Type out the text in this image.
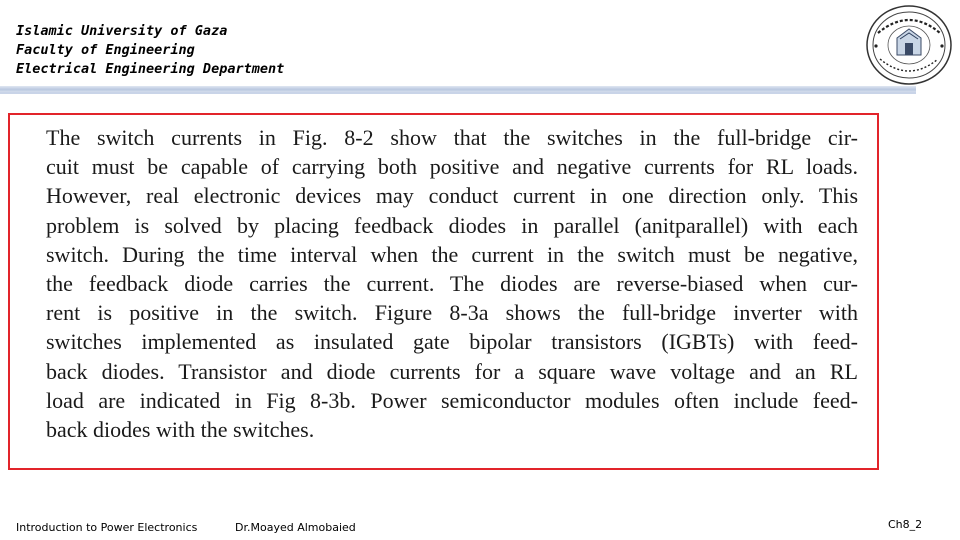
Islamic University of Gaza
Faculty of Engineering
Electrical Engineering Department

The switch currents in Fig. 8-2 show that the switches in the full-bridge cir-
cuit must be capable of carrying both positive and negative currents for RL loads.
However, real electronic devices may conduct current in one direction only. This
problem is solved by placing feedback diodes in parallel (anitparallel) with each
switch. During the time interval when the current in the switch must be negative,
the feedback diode carries the current. The diodes are reverse-biased when cur-
rent is positive in the switch. Figure 8-3a shows the full-bridge inverter with
switches implemented as insulated gate bipolar transistors (IGBTs) with feed-
back diodes. Transistor and diode currents for a square wave voltage and an RL
load are indicated in Fig 8-3b. Power semiconductor modules often include feed-
back diodes with the switches.

Introduction to Power Electronics	Dr.Moayed Almobaied	Ch8_2
